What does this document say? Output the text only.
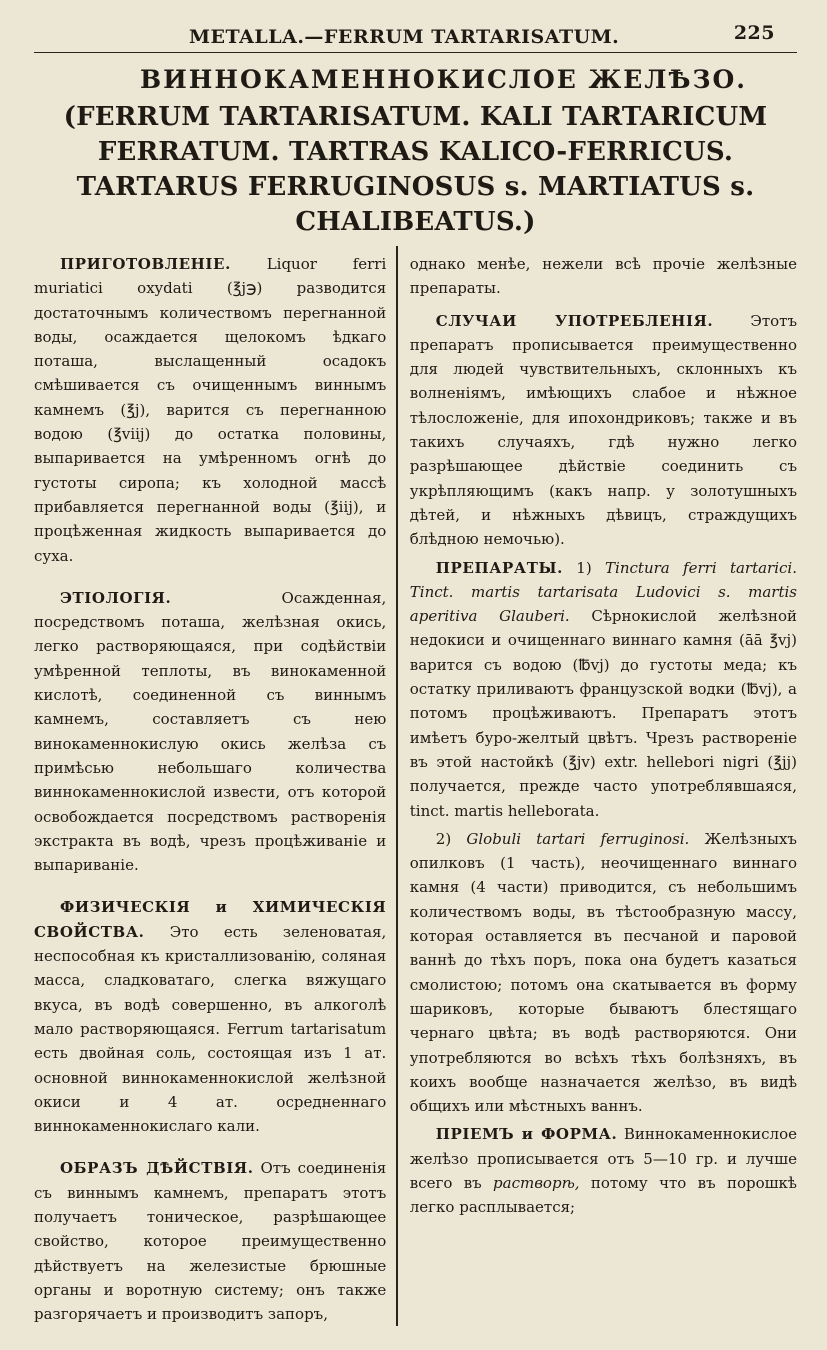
METALLA.—FERRUM TARTARISATUM.	225
ВИННОКАМЕННОКИСЛОЕ ЖЕЛѢЗО.
(FERRUM TARTARISATUM. KALI TARTARICUM FERRATUM. TARTRAS KALICO-FERRICUS. TARTARUS FERRUGINOSUS s. MARTIATUS s. CHALIBEATUS.)

ПРИГОТОВЛЕНІЕ. Liquor ferri muriatici oxydati (℥j℈) разводится достаточнымъ количествомъ перегнанной воды, осаждается щелокомъ ѣдкаго поташа, выслащенный осадокъ смѣшивается съ очищеннымъ виннымъ камнемъ (℥j), варится съ перегнанною водою (℥vііj) до остатка половины, выпаривается на умѣренномъ огнѣ до густоты сиропа; къ холодной массѣ прибавляется перегнанной воды (℥iij), и процѣженная жидкость выпаривается до суха.

ЭТІОЛОГІЯ.	Осажденная, посредствомъ поташа, желѣзная окись, легко растворяющаяся, при содѣйствіи умѣренной теплоты, въ винокаменной кислотѣ, соединенной съ виннымъ камнемъ, составляетъ съ нею винокаменнокислую окись желѣза съ примѣсью небольшаго количества виннокаменнокислой извести, отъ которой освобождается посредствомъ растворенія экстракта въ водѣ, чрезъ процѣживаніе и выпариваніе.

ФИЗИЧЕСКІЯ и ХИМИЧЕСКІЯ СВОЙСТВА. Это есть зеленоватая, неспособная къ кристаллизованію, соляная масса, сладковатаго, слегка вяжущаго вкуса, въ водѣ совершенно, въ алкоголѣ мало растворяющаяся. Ferrum tartarisatum есть двойная соль, состоящая изъ 1 ат. основной виннокаменнокислой желѣзной окиси и 4 ат. осредненнаго виннокаменнокислаго кали.

ОБРАЗЪ ДѢЙСТВІЯ. Отъ соединенія съ виннымъ камнемъ, препаратъ этотъ получаетъ тоническое, разрѣшающее свойство, которое преимущественно дѣйствуетъ на железистые брюшные органы и воротную систему; онъ также разгорячаетъ и производитъ запоръ,

однако менѣе, нежели всѣ прочіе желѣзные препараты.

СЛУЧАИ УПОТРЕБЛЕНІЯ. Этотъ препаратъ прописывается преимущественно для людей чувствительныхъ, склонныхъ къ волненіямъ, имѣющихъ слабое и нѣжное тѣлосложеніе, для ипохондриковъ; также и въ такихъ случаяхъ, гдѣ нужно легко разрѣшающее дѣйствіе соединить съ укрѣпляющимъ (какъ напр. у золотушныхъ дѣтей, и нѣжныхъ дѣвицъ, страждущихъ блѣдною немочью).

ПРЕПАРАТЫ. 1) Tinctura ferri tartarici. Tinct. martis tartarisata Ludovici s. martis aperitiva Glauberi. Сѣрнокислой желѣзной недокиси и очищеннаго виннаго камня (āā ℥vj) варится съ водою (℔vj) до густоты меда; къ остатку приливаютъ французской водки (℔vj), а потомъ процѣживаютъ. Препаратъ этотъ имѣетъ буро-желтый цвѣтъ. Чрезъ раствореніе въ этой настойкѣ (℥jv) extr. hellebori nigri (℥jj) получается, прежде часто употреблявшаяся, tinct. martis helleborata.

2) Globuli tartari ferruginosi. Желѣзныхъ опилковъ (1 часть), неочищеннаго виннаго камня (4 части) приводится, съ небольшимъ количествомъ воды, въ тѣстообразную массу, которая оставляется въ песчаной и паровой ваннѣ до тѣхъ поръ, пока она будетъ казаться смолистою; потомъ она скатывается въ форму шариковъ, которые бываютъ блестящаго чернаго цвѣта; въ водѣ растворяются. Они употребляются во всѣхъ тѣхъ болѣзняхъ, въ коихъ вообще назначается желѣзо, въ видѣ общихъ или мѣстныхъ ваннъ.

ПРІЕМЪ и ФОРМА. Виннокаменнокислое желѣзо прописывается отъ 5—10 гр. и лучше всего въ растворѣ, потому что въ порошкѣ легко расплывается;
